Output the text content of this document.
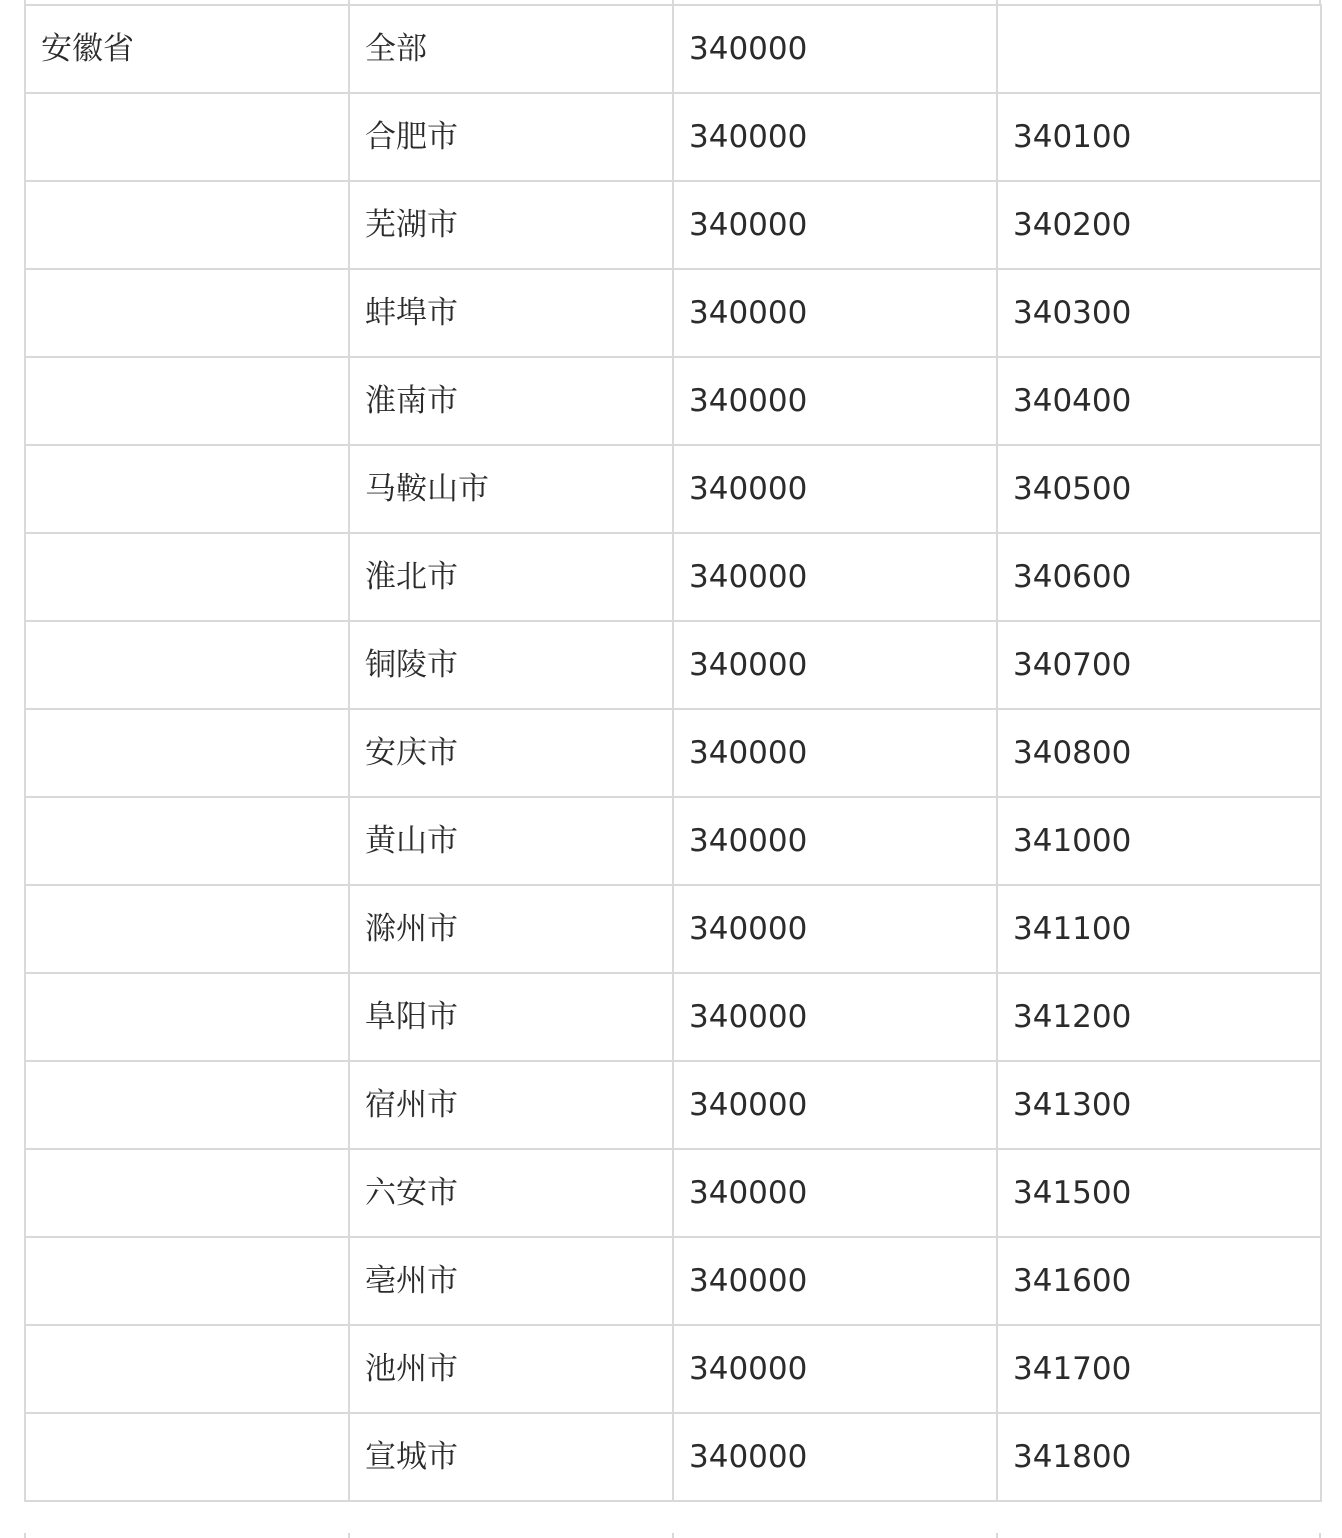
安徽省	全部	340000	
	合肥市	340000	340100
	芜湖市	340000	340200
	蚌埠市	340000	340300
	淮南市	340000	340400
	马鞍山市	340000	340500
	淮北市	340000	340600
	铜陵市	340000	340700
	安庆市	340000	340800
	黄山市	340000	341000
	滁州市	340000	341100
	阜阳市	340000	341200
	宿州市	340000	341300
	六安市	340000	341500
	亳州市	340000	341600
	池州市	340000	341700
	宣城市	340000	341800
